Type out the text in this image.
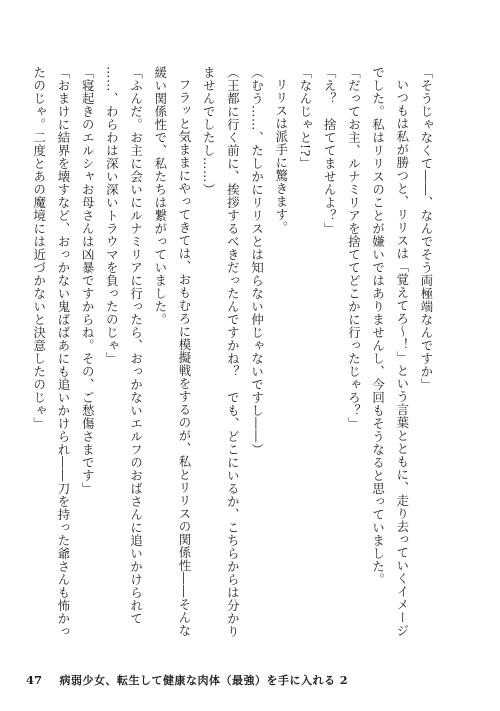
「そうじゃなくて――、なんでそう両極端なんですか」
いつもは私が勝つと、リリスは「覚えてろ～！」という言葉とともに、走り去っていくイメージ
でした。私はリリスのことが嫌いではありませんし、今回もそうなると思っていました。
「だってお主、ルナミリアを捨ててどこかに行ったじゃろ？」
「え？　捨ててませんよ？」
「なんじゃと!?」
リリスは派手に驚きます。
（むう……、たしかにリリスとは知らない仲じゃないですし――）
（王都に行く前に、挨拶するべきだったんですかね？　でも、どこにいるか、こちらからは分かり
ませんでしたし……）
フラッと気ままにやってきては、おもむろに模擬戦をするのが、私とリリスの関係性――そんな
緩い関係性で、私たちは繋がっていました。
「ふんだ。お主に会いにルナミリアに行ったら、おっかないエルフのおばさんに追いかけられて
……、わらわは深い深いトラウマを負ったのじゃ」
「寝起きのエルシャお母さんは凶暴ですからね。その、ご愁傷さまです」
「おまけに結界を壊すなど、おっかない鬼ばばあにも追いかけられ――刀を持った爺さんも怖かっ
たのじゃ。二度とあの魔境には近づかないと決意したのじゃ」
47 病弱少女、転生して健康な肉体（最強）を手に入れる 2
